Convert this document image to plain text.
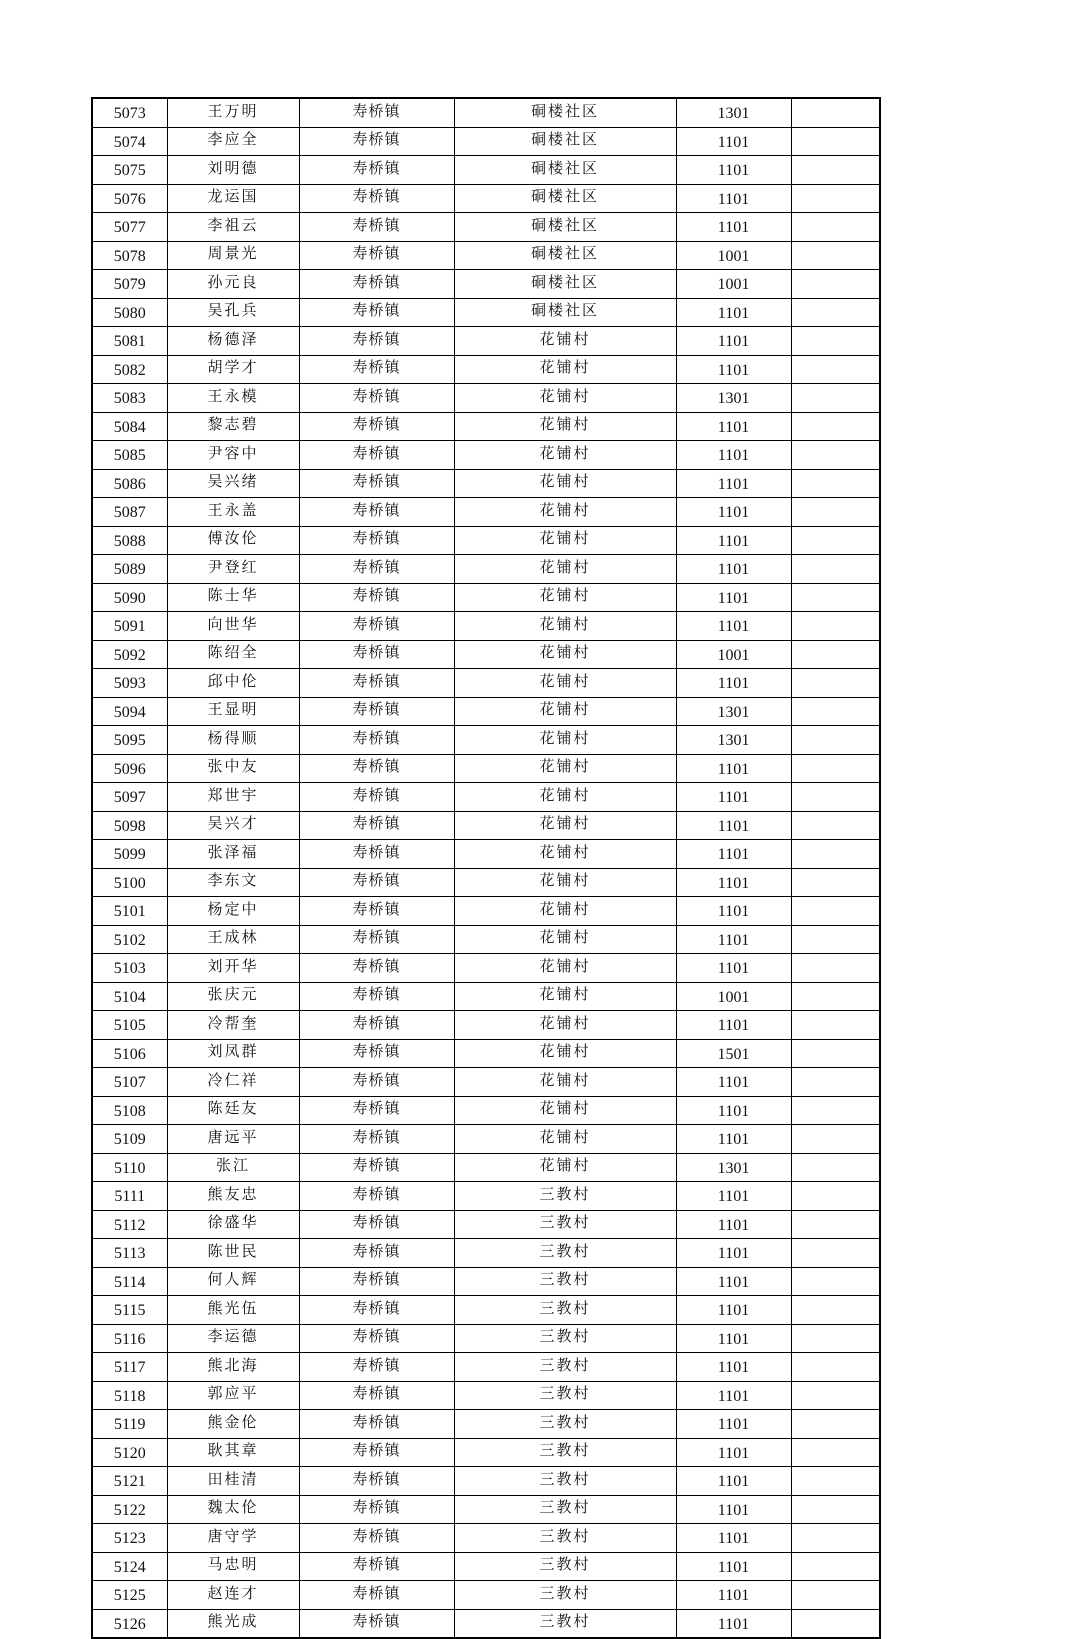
5073	王万明	寿桥镇	硐楼社区	1301	
5074	李应全	寿桥镇	硐楼社区	1101	
5075	刘明德	寿桥镇	硐楼社区	1101	
5076	龙运国	寿桥镇	硐楼社区	1101	
5077	李祖云	寿桥镇	硐楼社区	1101	
5078	周景光	寿桥镇	硐楼社区	1001	
5079	孙元良	寿桥镇	硐楼社区	1001	
5080	吴孔兵	寿桥镇	硐楼社区	1101	
5081	杨德泽	寿桥镇	花铺村	1101	
5082	胡学才	寿桥镇	花铺村	1101	
5083	王永模	寿桥镇	花铺村	1301	
5084	黎志碧	寿桥镇	花铺村	1101	
5085	尹容中	寿桥镇	花铺村	1101	
5086	吴兴绪	寿桥镇	花铺村	1101	
5087	王永盖	寿桥镇	花铺村	1101	
5088	傅汝伦	寿桥镇	花铺村	1101	
5089	尹登红	寿桥镇	花铺村	1101	
5090	陈士华	寿桥镇	花铺村	1101	
5091	向世华	寿桥镇	花铺村	1101	
5092	陈绍全	寿桥镇	花铺村	1001	
5093	邱中伦	寿桥镇	花铺村	1101	
5094	王显明	寿桥镇	花铺村	1301	
5095	杨得顺	寿桥镇	花铺村	1301	
5096	张中友	寿桥镇	花铺村	1101	
5097	郑世宇	寿桥镇	花铺村	1101	
5098	吴兴才	寿桥镇	花铺村	1101	
5099	张泽福	寿桥镇	花铺村	1101	
5100	李东文	寿桥镇	花铺村	1101	
5101	杨定中	寿桥镇	花铺村	1101	
5102	王成林	寿桥镇	花铺村	1101	
5103	刘开华	寿桥镇	花铺村	1101	
5104	张庆元	寿桥镇	花铺村	1001	
5105	冷帮奎	寿桥镇	花铺村	1101	
5106	刘凤群	寿桥镇	花铺村	1501	
5107	冷仁祥	寿桥镇	花铺村	1101	
5108	陈廷友	寿桥镇	花铺村	1101	
5109	唐远平	寿桥镇	花铺村	1101	
5110	张江	寿桥镇	花铺村	1301	
5111	熊友忠	寿桥镇	三教村	1101	
5112	徐盛华	寿桥镇	三教村	1101	
5113	陈世民	寿桥镇	三教村	1101	
5114	何人辉	寿桥镇	三教村	1101	
5115	熊光伍	寿桥镇	三教村	1101	
5116	李运德	寿桥镇	三教村	1101	
5117	熊北海	寿桥镇	三教村	1101	
5118	郭应平	寿桥镇	三教村	1101	
5119	熊金伦	寿桥镇	三教村	1101	
5120	耿其章	寿桥镇	三教村	1101	
5121	田桂清	寿桥镇	三教村	1101	
5122	魏太伦	寿桥镇	三教村	1101	
5123	唐守学	寿桥镇	三教村	1101	
5124	马忠明	寿桥镇	三教村	1101	
5125	赵连才	寿桥镇	三教村	1101	
5126	熊光成	寿桥镇	三教村	1101	
